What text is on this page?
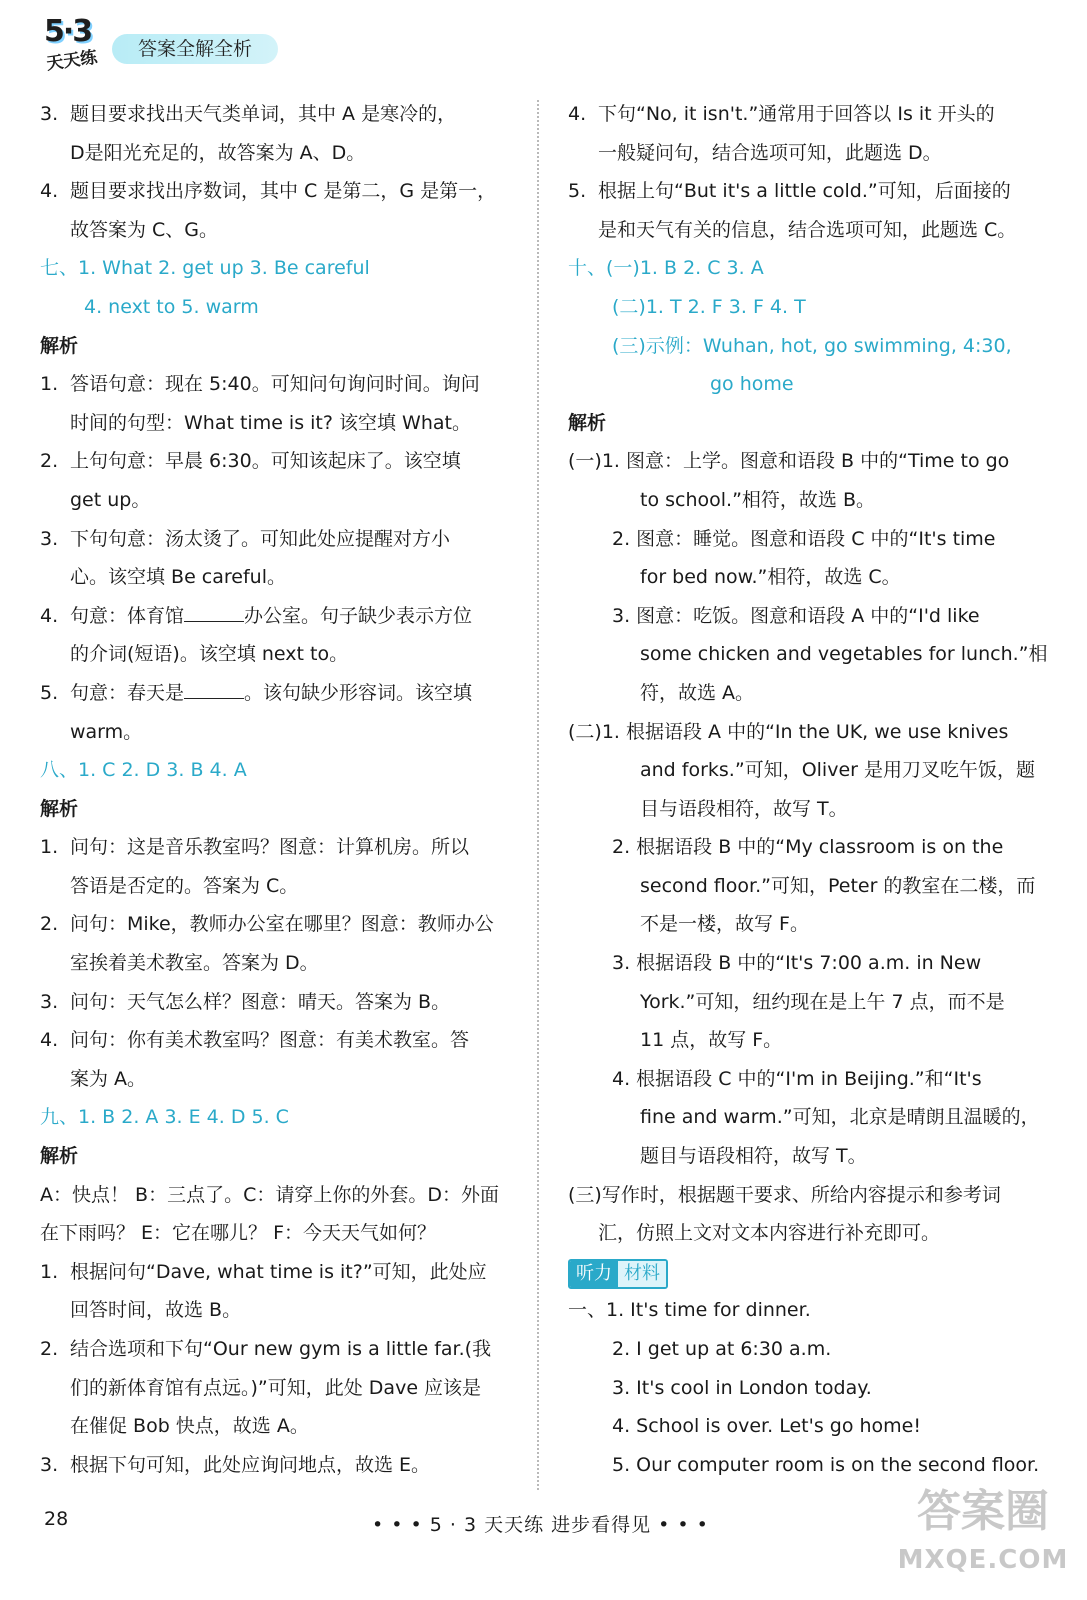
5·3
天天练	答案全解全析
3. 题目要求找出天气类单词，其中 A 是寒冷的，
D是阳光充足的，故答案为 A、D。
4. 题目要求找出序数词，其中 C 是第二，G 是第一，
故答案为 C、G。
七、1. What 2. get up 3. Be careful
4. next to 5. warm
解析
1. 答语句意：现在 5:40。可知问句询问时间。询问
时间的句型：What time is it? 该空填 What。
2. 上句句意：早晨 6:30。可知该起床了。该空填
get up。
3. 下句句意：汤太烫了。可知此处应提醒对方小
心。该空填 Be careful。
4. 句意：体育馆	办公室。句子缺少表示方位
的介词(短语)。该空填 next to。
5. 句意：春天是	。该句缺少形容词。该空填
warm。
八、1. C 2. D 3. B 4. A
解析
1. 问句：这是音乐教室吗？图意：计算机房。所以
答语是否定的。答案为 C。
2. 问句：Mike，教师办公室在哪里？图意：教师办公
室挨着美术教室。答案为 D。
3. 问句：天气怎么样？图意：晴天。答案为 B。
4. 问句：你有美术教室吗？图意：有美术教室。答
案为 A。
九、1. B 2. A 3. E 4. D 5. C
解析
A：快点！ B：三点了。C：请穿上你的外套。D：外面
在下雨吗？ E：它在哪儿？ F：今天天气如何？
1. 根据问句“Dave, what time is it?”可知，此处应
回答时间，故选 B。
2. 结合选项和下句“Our new gym is a little far.(我
们的新体育馆有点远。)”可知，此处 Dave 应该是
在催促 Bob 快点，故选 A。
3. 根据下句可知，此处应询问地点，故选 E。
4. 下句“No, it isn't.”通常用于回答以 Is it 开头的
一般疑问句，结合选项可知，此题选 D。
5. 根据上句“But it's a little cold.”可知，后面接的
是和天气有关的信息，结合选项可知，此题选 C。
十、(一)1. B 2. C 3. A
(二)1. T 2. F 3. F 4. T
(三)示例：Wuhan, hot, go swimming, 4:30,
go home
解析
(一)1. 图意：上学。图意和语段 B 中的“Time to go
to school.”相符，故选 B。
2. 图意：睡觉。图意和语段 C 中的“It's time
for bed now.”相符，故选 C。
3. 图意：吃饭。图意和语段 A 中的“I'd like
some chicken and vegetables for lunch.”相
符，故选 A。
(二)1. 根据语段 A 中的“In the UK, we use knives
and forks.”可知，Oliver 是用刀叉吃午饭，题
目与语段相符，故写 T。
2. 根据语段 B 中的“My classroom is on the
second floor.”可知，Peter 的教室在二楼，而
不是一楼，故写 F。
3. 根据语段 B 中的“It's 7:00 a.m. in New
York.”可知，纽约现在是上午 7 点，而不是
11 点，故写 F。
4. 根据语段 C 中的“I'm in Beijing.”和“It's
fine and warm.”可知，北京是晴朗且温暖的，
题目与语段相符，故写 T。
(三)写作时，根据题干要求、所给内容提示和参考词
汇，仿照上文对文本内容进行补充即可。
听力 材料
一、1. It's time for dinner.
2. I get up at 6:30 a.m.
3. It's cool in London today.
4. School is over. Let's go home!
5. Our computer room is on the second floor.
28	• • • 5 · 3 天天练 进步看得见 • • •	答案圈
MXQE.COM
